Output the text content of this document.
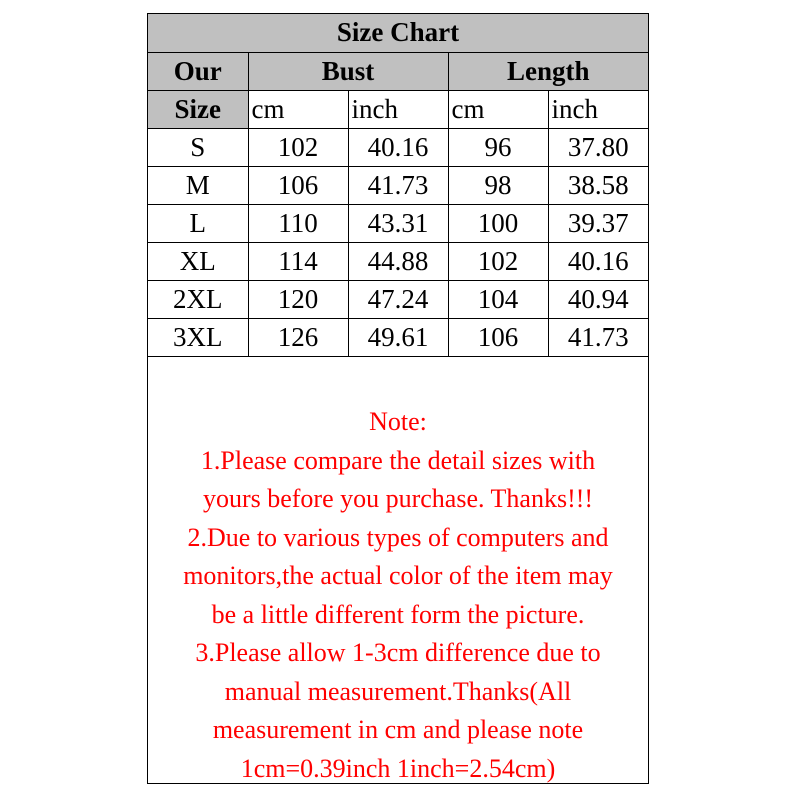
Size Chart				
Our	Bust		Length	
Size	cm	inch	cm	inch
S	102	40.16	96	37.80
M	106	41.73	98	38.58
L	110	43.31	100	39.37
XL	114	44.88	102	40.16
2XL	120	47.24	104	40.94
3XL	126	49.61	106	41.73
Note:
1.Please compare the detail sizes with
yours before you purchase. Thanks!!!
2.Due to various types of computers and
monitors,the actual color of the item may
be a little different form the picture.
3.Please allow 1-3cm difference due to
manual measurement.Thanks(All
measurement in cm and please note
1cm=0.39inch 1inch=2.54cm)
